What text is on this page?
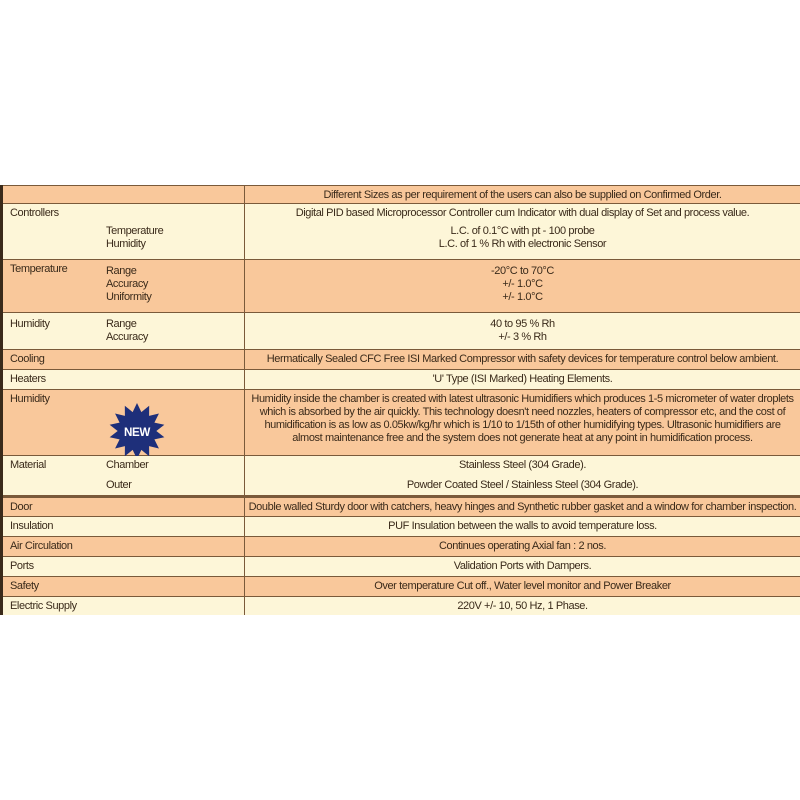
Different Sizes as per requirement of the users can also be supplied on Confirmed Order.
Controllers
Temperature
Humidity
Digital PID based Microprocessor Controller cum Indicator with dual display of Set and process value.
L.C. of 0.1°C with pt - 100 probe
L.C. of 1 % Rh with electronic Sensor
Temperature	Range
Accuracy
Uniformity
-20°C to 70°C
+/- 1.0°C
+/- 1.0°C
Humidity	Range
Accuracy
40 to 95 % Rh
+/- 3 % Rh
Cooling	Hermatically Sealed CFC Free ISI Marked Compressor with safety devices for temperature control below ambient.
Heaters	'U' Type (ISI Marked) Heating Elements.
Humidity
NEW
Humidity inside the chamber is created with latest ultrasonic Humidifiers which produces 1-5 micrometer of water droplets
which is absorbed by the air quickly. This technology doesn't need nozzles, heaters of compressor etc, and the cost of
humidification is as low as 0.05kw/kg/hr which is 1/10 to 1/15th of other humidifying types. Ultrasonic humidifiers are
almost maintenance free and the system does not generate heat at any point in humidification process.
Material	Chamber
Outer
Stainless Steel (304 Grade).
Powder Coated Steel / Stainless Steel (304 Grade).
Door	Double walled Sturdy door with catchers, heavy hinges and Synthetic rubber gasket and a window for chamber inspection.
Insulation	PUF Insulation between the walls to avoid temperature loss.
Air Circulation	Continues operating Axial fan : 2 nos.
Ports	Validation Ports with Dampers.
Safety	Over temperature Cut off., Water level monitor and Power Breaker
Electric Supply	220V +/- 10, 50 Hz, 1 Phase.
